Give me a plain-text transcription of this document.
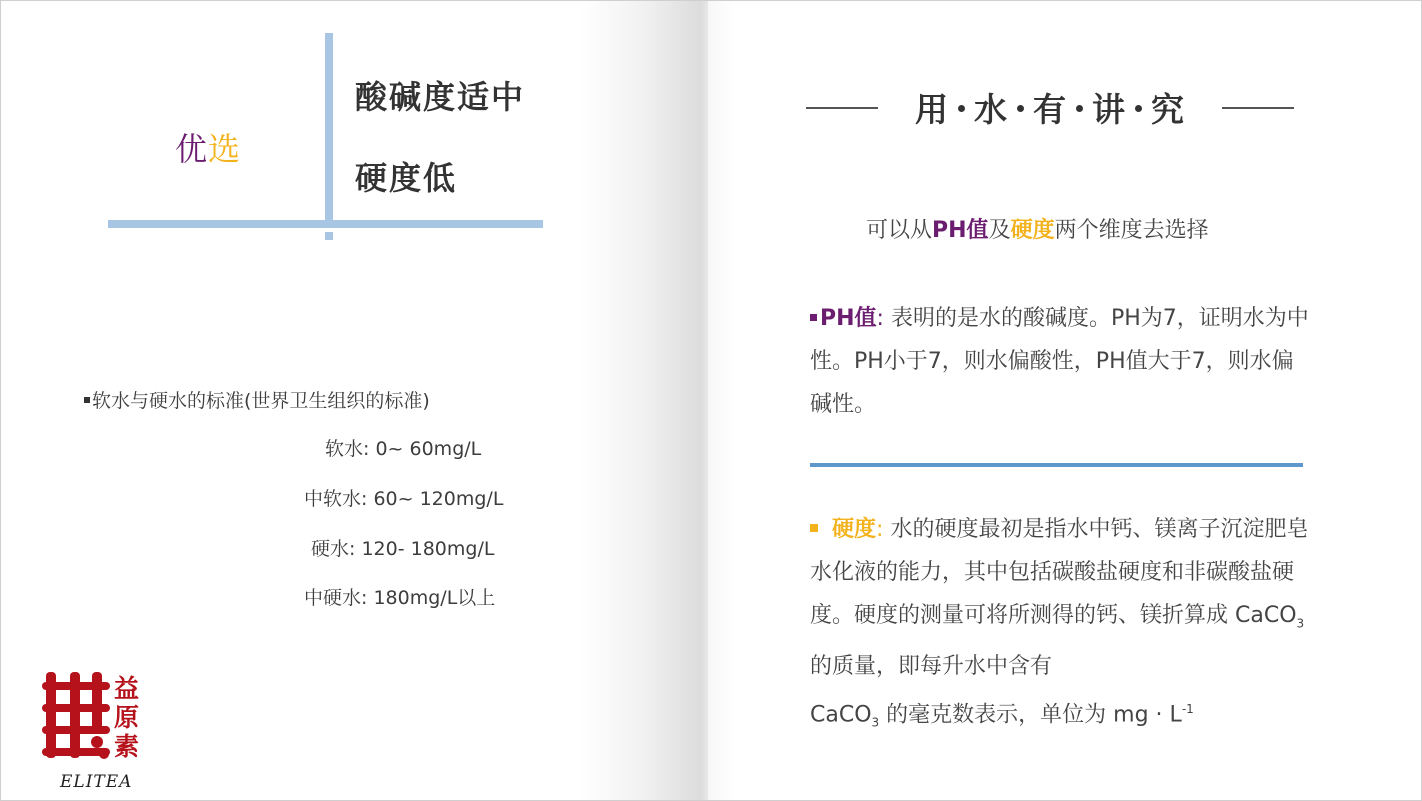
优选
酸碱度适中
硬度低
软水与硬水的标准(世界卫生组织的标准)
软水: 0~ 60mg/L
中软水: 60~ 120mg/L
硬水: 120- 180mg/L
中硬水: 180mg/L以上
益
原
素
ELITEA
用 水 有 讲 究
可以从PH值及硬度两个维度去选择
PH值: 表明的是水的酸碱度。PH为7，证明水为中性。PH小于7，则水偏酸性，PH值大于7，则水偏碱性。
硬度: 水的硬度最初是指水中钙、镁离子沉淀肥皂水化液的能力，其中包括碳酸盐硬度和非碳酸盐硬度。硬度的测量可将所测得的钙、镁折算成 CaCO$_3$ 的质量，即每升水中含有
CaCO$_3$ 的毫克数表示，单位为 mg · $L^{-1}$
